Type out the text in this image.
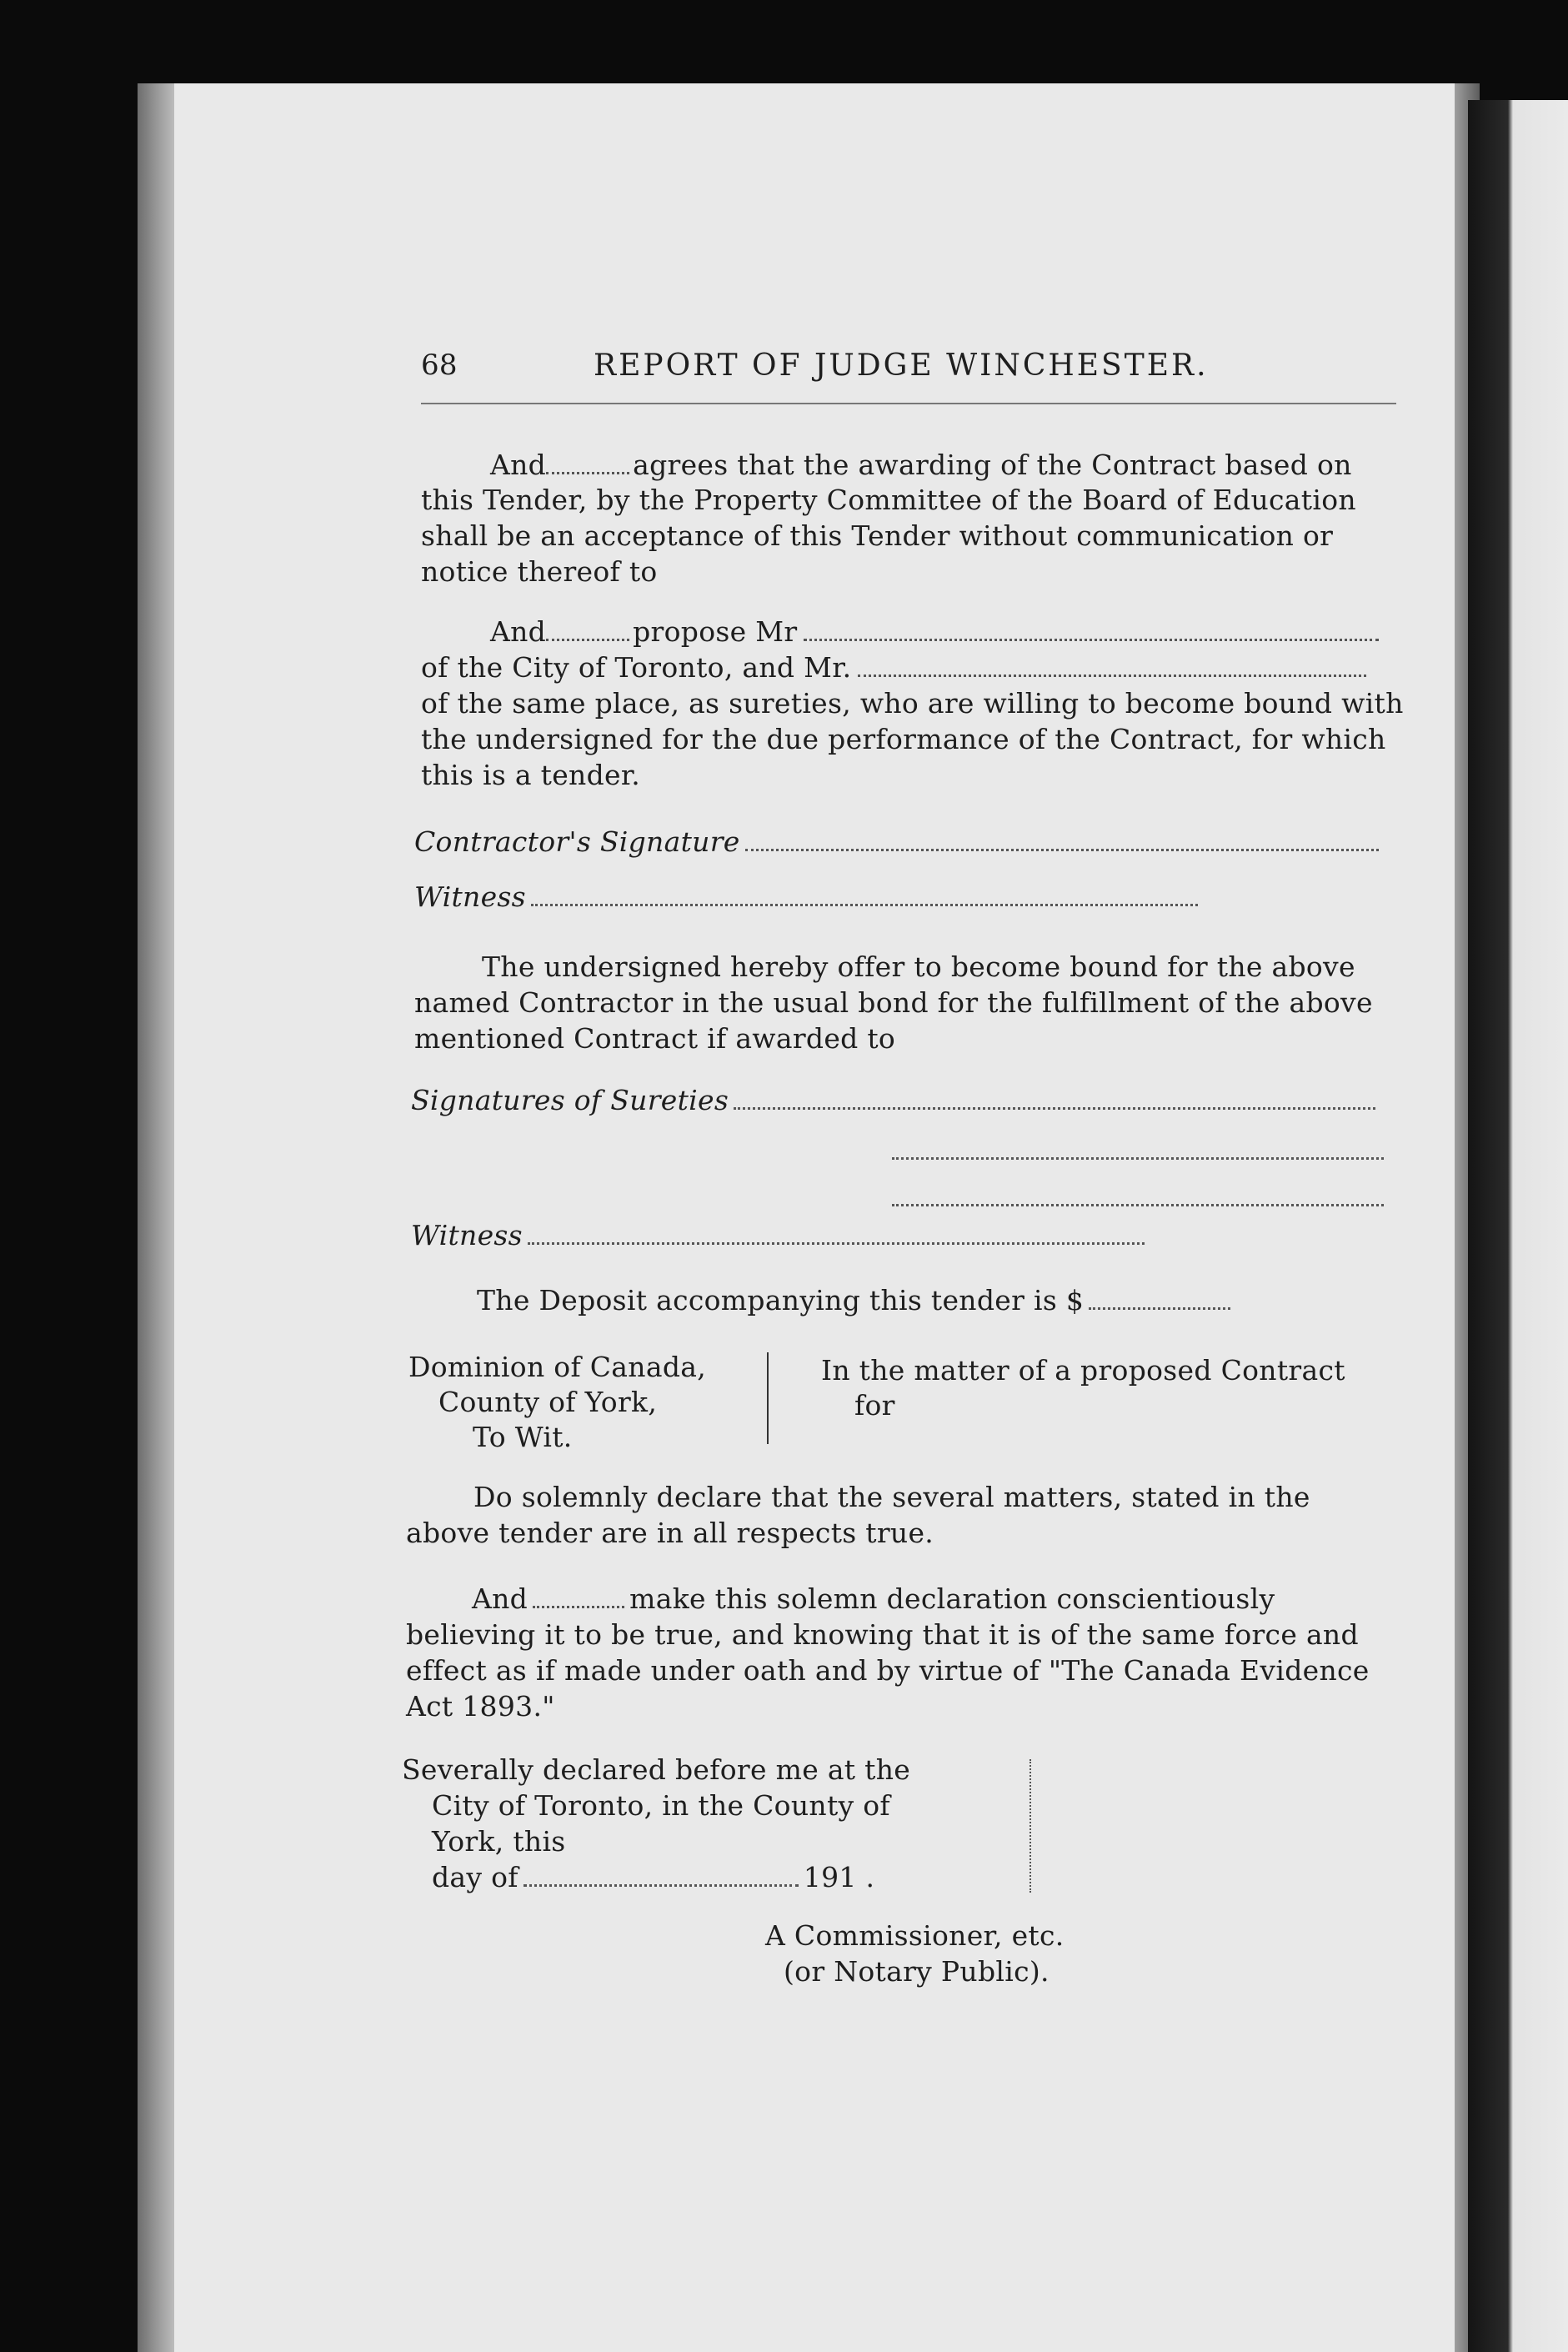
68	REPORT OF JUDGE WINCHESTER.
And	agrees that the awarding of the Contract based on
this Tender, by the Property Committee of the Board of Education
shall be an acceptance of this Tender without communication or
notice thereof to
And	propose Mr
of the City of Toronto, and Mr.
of the same place, as sureties, who are willing to become bound with
the undersigned for the due performance of the Contract, for which
this is a tender.
Contractor's Signature
Witness
The undersigned hereby offer to become bound for the above
named Contractor in the usual bond for the fulfillment of the above
mentioned Contract if awarded to
Signatures of Sureties
Witness
The Deposit accompanying this tender is $
Dominion of Canada,
County of York,
To Wit.
In the matter of a proposed Contract
for
Do solemnly declare that the several matters, stated in the
above tender are in all respects true.
And	make this solemn declaration conscientiously
believing it to be true, and knowing that it is of the same force and
effect as if made under oath and by virtue of "The Canada Evidence
Act 1893."
Severally declared before me at the
City of Toronto, in the County of
York, this
day of	191 .
A Commissioner, etc.
(or Notary Public).
